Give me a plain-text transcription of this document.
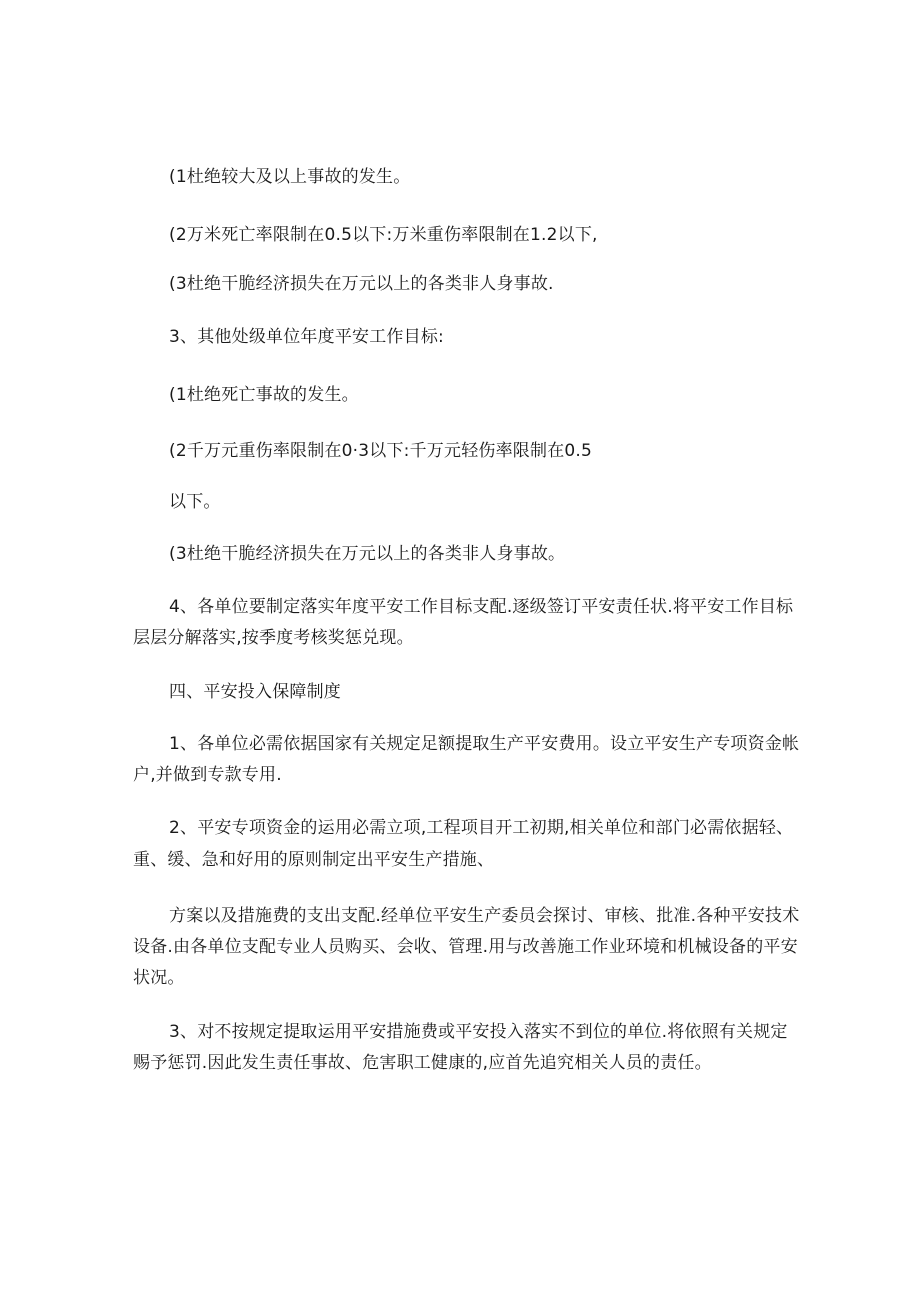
(1杜绝较大及以上事故的发生。
(2万米死亡率限制在0.5以下:万米重伤率限制在1.2以下,
(3杜绝干脆经济损失在万元以上的各类非人身事故.
3、其他处级单位年度平安工作目标:
(1杜绝死亡事故的发生。
(2千万元重伤率限制在0·3以下:千万元轻伤率限制在0.5
以下。
(3杜绝干脆经济损失在万元以上的各类非人身事故。
4、各单位要制定落实年度平安工作目标支配.逐级签订平安责任状.将平安工作目标
层层分解落实,按季度考核奖惩兑现。
四、平安投入保障制度
1、各单位必需依据国家有关规定足额提取生产平安费用。设立平安生产专项资金帐
户,并做到专款专用.
2、平安专项资金的运用必需立项,工程项目开工初期,相关单位和部门必需依据轻、
重、缓、急和好用的原则制定出平安生产措施、
方案以及措施费的支出支配.经单位平安生产委员会探讨、审核、批准.各种平安技术
设备.由各单位支配专业人员购买、会收、管理.用与改善施工作业环境和机械设备的平安
状况。
3、对不按规定提取运用平安措施费或平安投入落实不到位的单位.将依照有关规定
赐予惩罚.因此发生责任事故、危害职工健康的,应首先追究相关人员的责任。
